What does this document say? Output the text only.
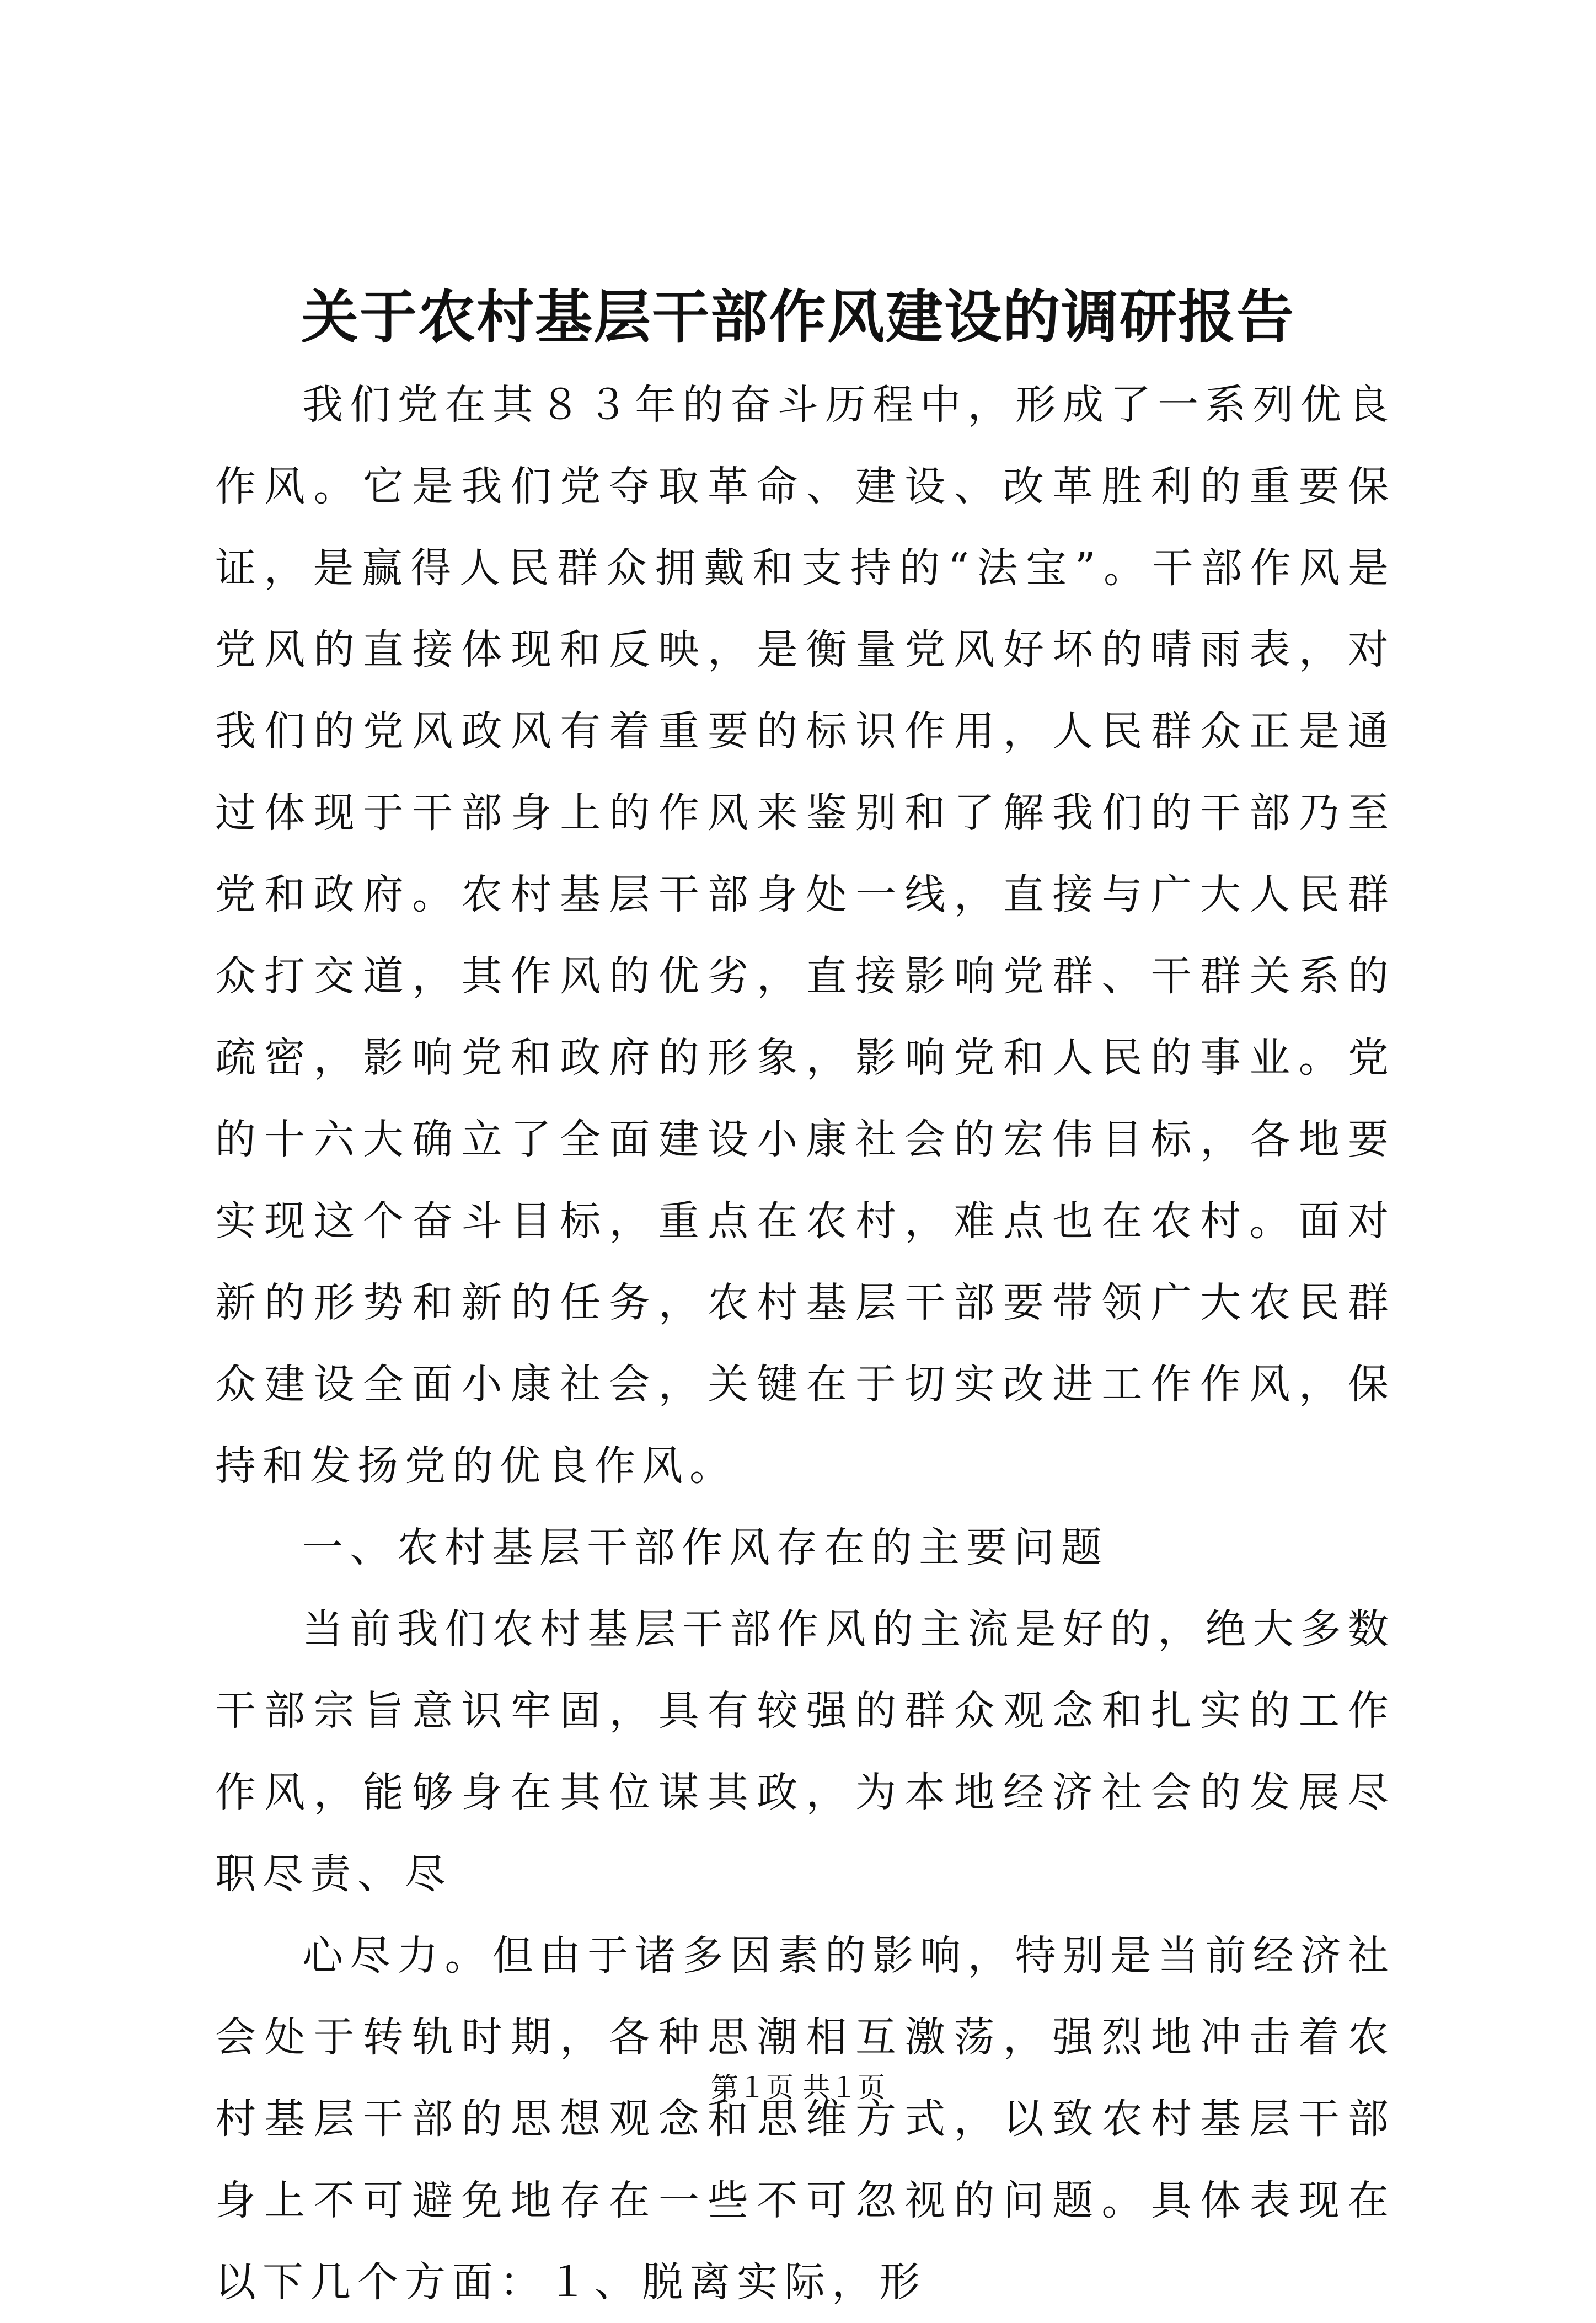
关于农村基层干部作风建设的调研报告

我们党在其８３年的奋斗历程中，形成了一系列优良作风。它是我们党夺取革命、建设、改革胜利的重要保证，是赢得人民群众拥戴和支持的“法宝”。干部作风是党风的直接体现和反映，是衡量党风好坏的晴雨表，对我们的党风政风有着重要的标识作用，人民群众正是通过体现于干部身上的作风来鉴别和了解我们的干部乃至党和政府。农村基层干部身处一线，直接与广大人民群众打交道，其作风的优劣，直接影响党群、干群关系的疏密，影响党和政府的形象，影响党和人民的事业。党的十六大确立了全面建设小康社会的宏伟目标，各地要实现这个奋斗目标，重点在农村，难点也在农村。面对新的形势和新的任务，农村基层干部要带领广大农民群众建设全面小康社会，关键在于切实改进工作作风，保持和发扬党的优良作风。

一、农村基层干部作风存在的主要问题

当前我们农村基层干部作风的主流是好的，绝大多数干部宗旨意识牢固，具有较强的群众观念和扎实的工作作风，能够身在其位谋其政，为本地经济社会的发展尽职尽责、尽

心尽力。但由于诸多因素的影响，特别是当前经济社会处于转轨时期，各种思潮相互激荡，强烈地冲击着农村基层干部的思想观念和思维方式，以致农村基层干部身上不可避免地存在一些不可忽视的问题。具体表现在以下几个方面：１、脱离实际，形

第１页 共１页
